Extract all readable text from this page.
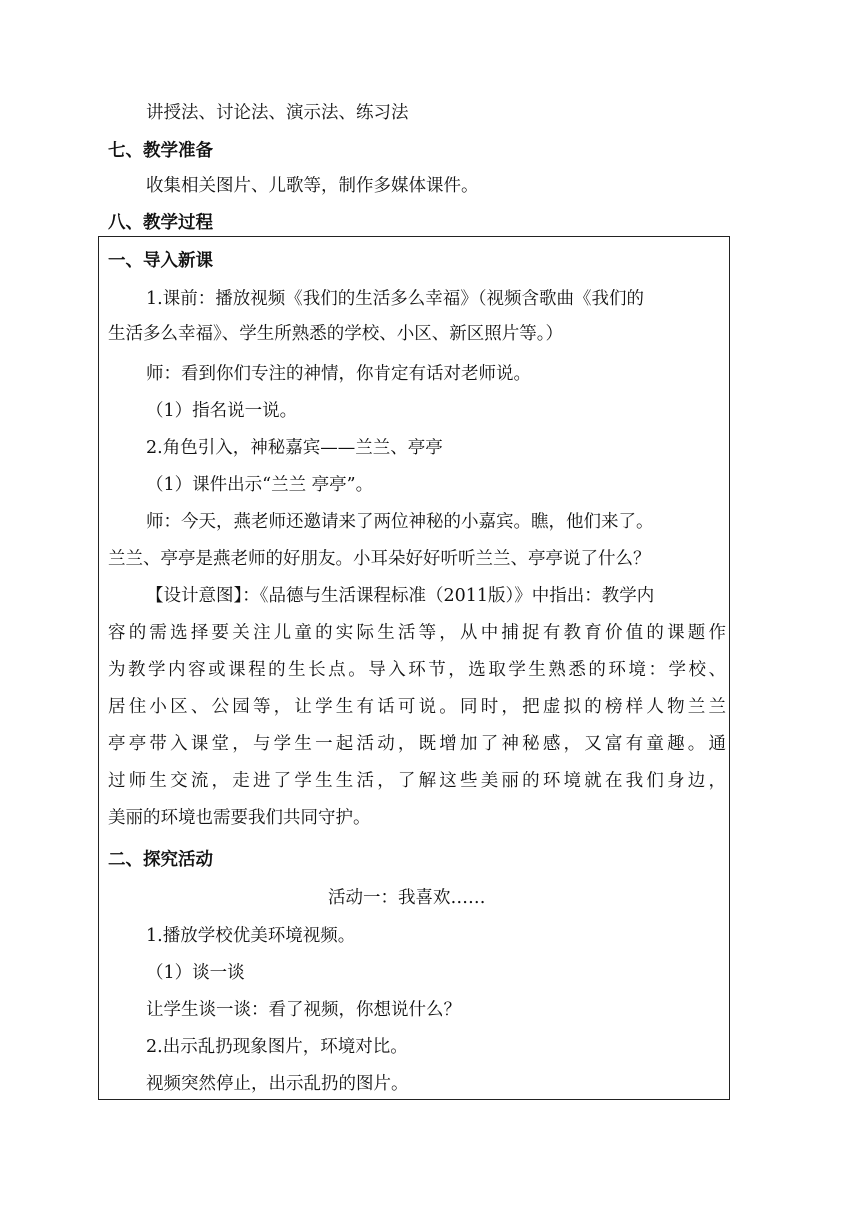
讲授法、讨论法、演示法、练习法
七、教学准备
收集相关图片、儿歌等，制作多媒体课件。
八、教学过程
一、导入新课
1.课前：播放视频《我们的生活多么幸福》（视频含歌曲《我们的
生活多么幸福》、学生所熟悉的学校、小区、新区照片等。）
师：看到你们专注的神情，你肯定有话对老师说。
（1）指名说一说。
2.角色引入，神秘嘉宾——兰兰、亭亭
（1）课件出示“兰兰 亭亭”。
师：今天，燕老师还邀请来了两位神秘的小嘉宾。瞧，他们来了。
兰兰、亭亭是燕老师的好朋友。小耳朵好好听听兰兰、亭亭说了什么？
【设计意图】：《品德与生活课程标准（2011版）》中指出：教学内
容的需选择要关注儿童的实际生活等，从中捕捉有教育价值的课题作
为教学内容或课程的生长点。导入环节，选取学生熟悉的环境：学校、
居住小区、公园等，让学生有话可说。同时，把虚拟的榜样人物兰兰
亭亭带入课堂，与学生一起活动，既增加了神秘感，又富有童趣。通
过师生交流，走进了学生生活，了解这些美丽的环境就在我们身边，
美丽的环境也需要我们共同守护。
二、探究活动
活动一：我喜欢……
1.播放学校优美环境视频。
（1）谈一谈
让学生谈一谈：看了视频，你想说什么？
2.出示乱扔现象图片，环境对比。
视频突然停止，出示乱扔的图片。
